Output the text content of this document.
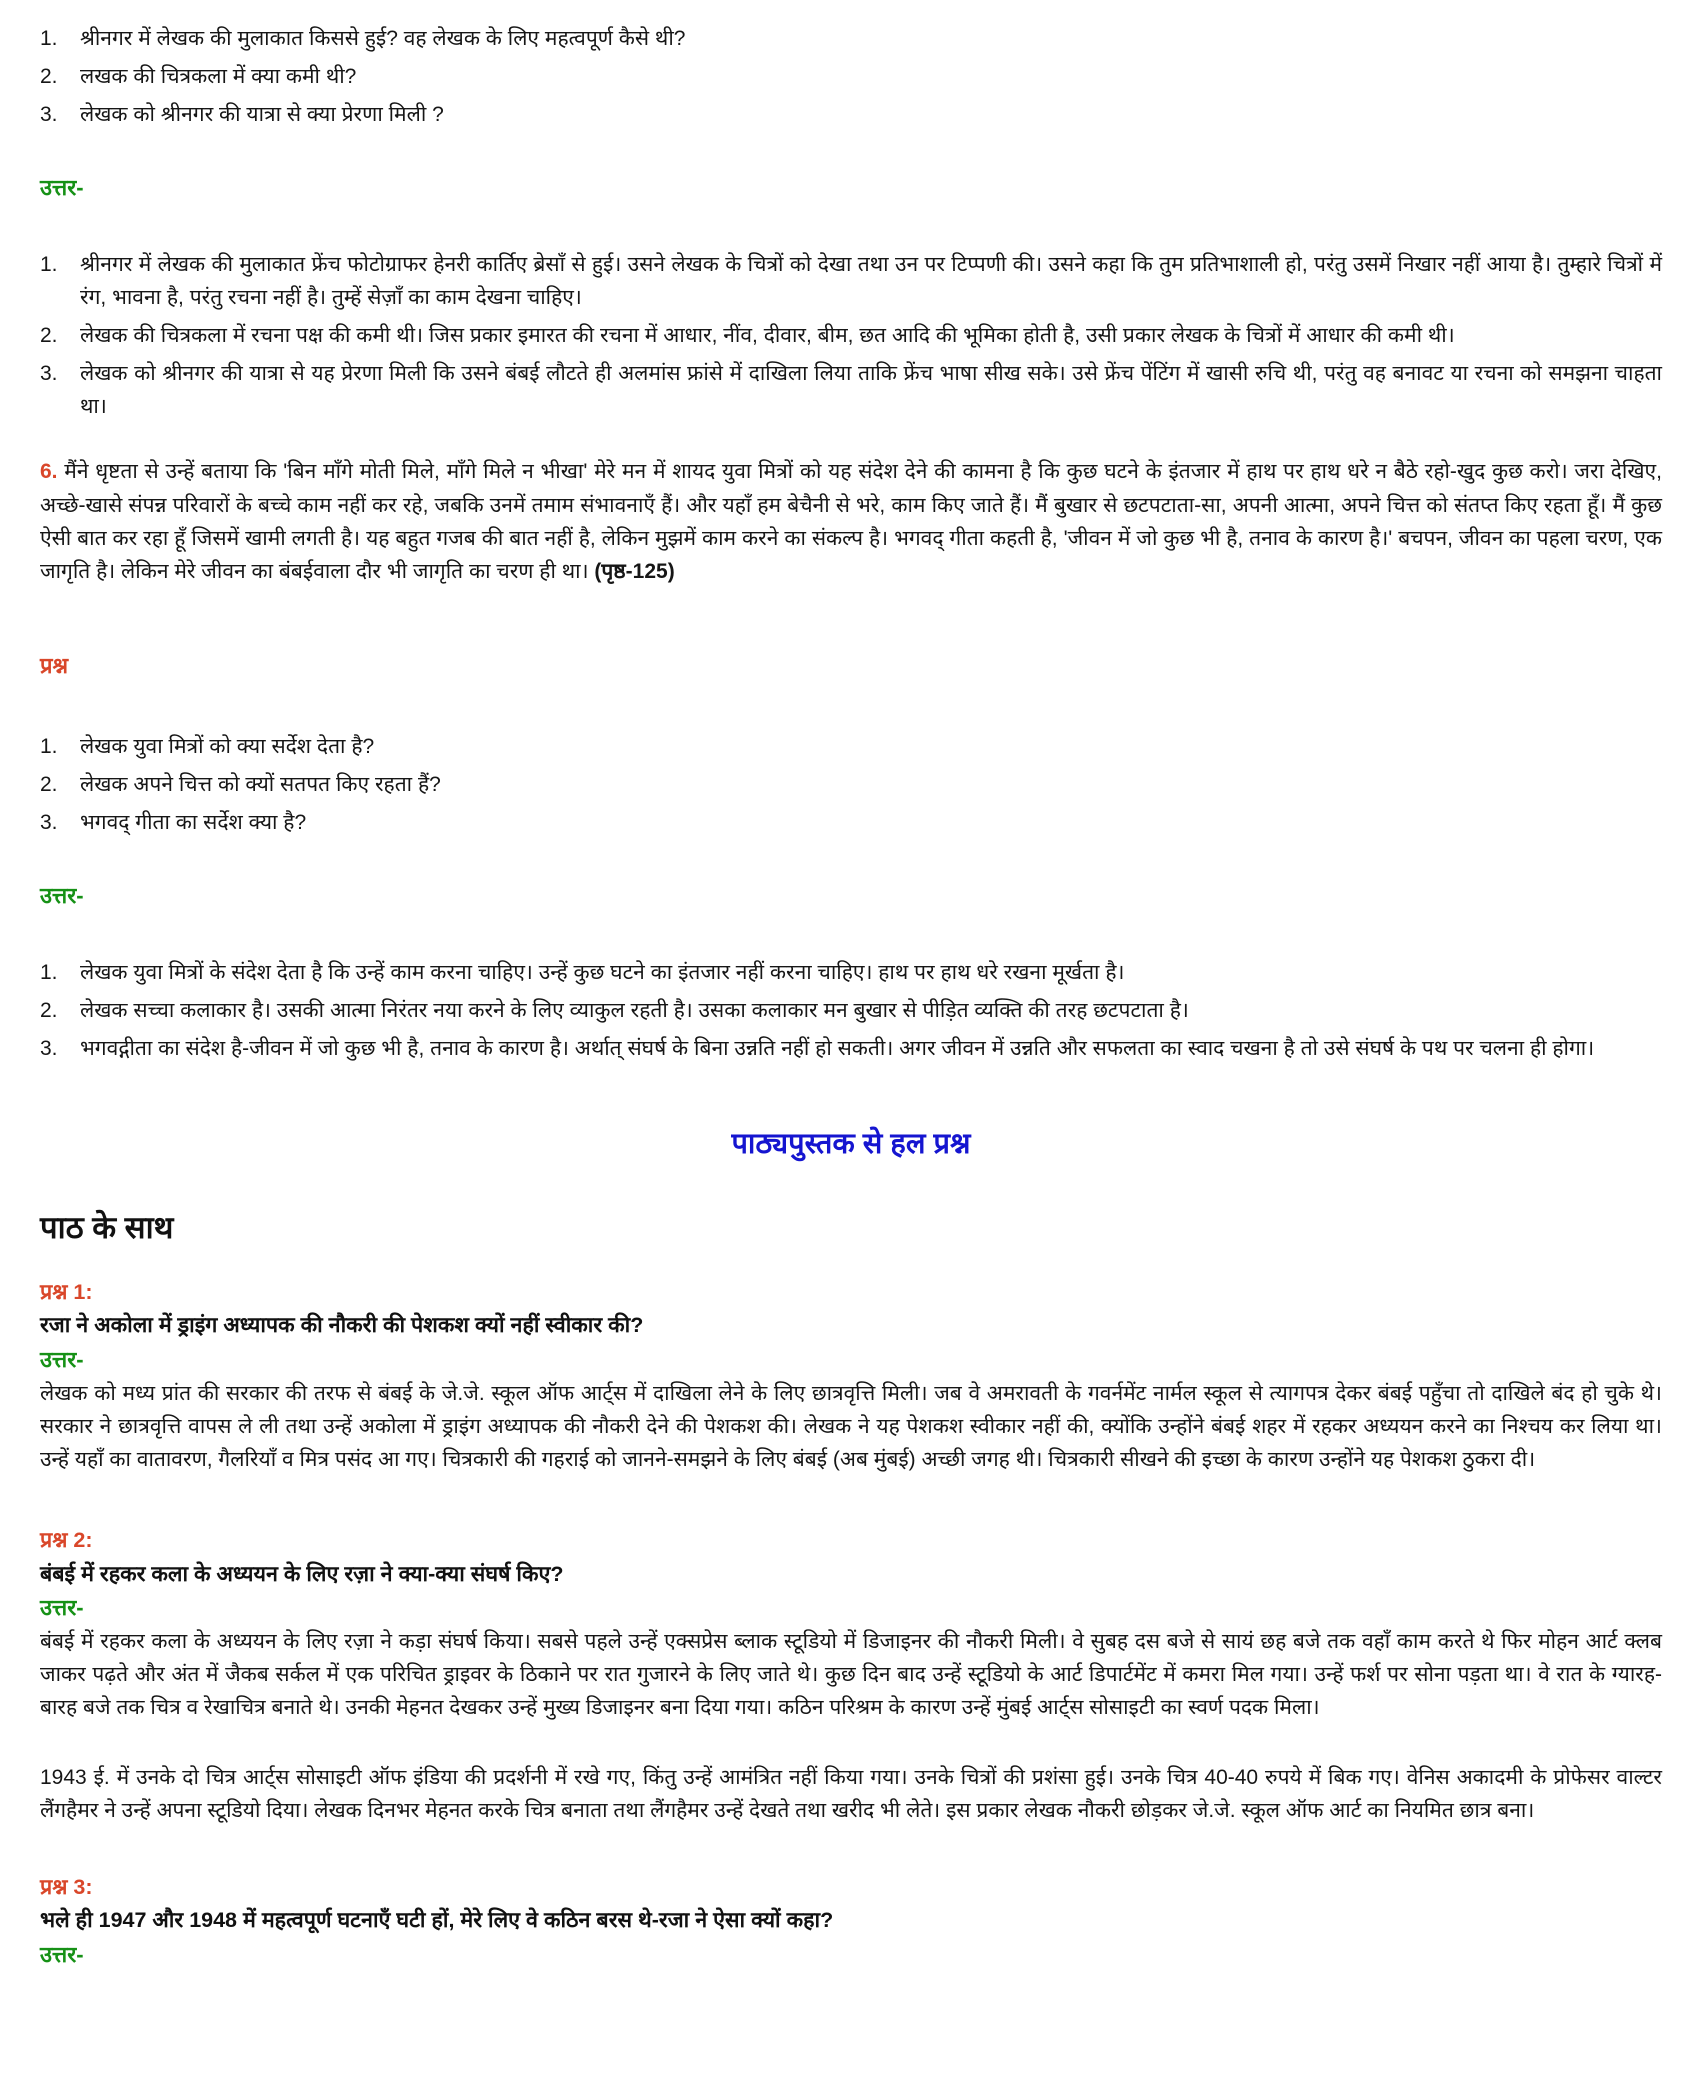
1.	श्रीनगर में लेखक की मुलाकात किससे हुई? वह लेखक के लिए महत्वपूर्ण कैसे थी?
2.	लखक की चित्रकला में क्या कमी थी?
3.	लेखक को श्रीनगर की यात्रा से क्या प्रेरणा मिली ?
उत्तर-
1.	श्रीनगर में लेखक की मुलाकात फ्रेंच फोटोग्राफर हेनरी कार्तिए ब्रेसाँ से हुई। उसने लेखक के चित्रों को देखा तथा उन पर टिप्पणी की। उसने कहा कि तुम प्रतिभाशाली हो, परंतु उसमें निखार नहीं आया है। तुम्हारे चित्रों में रंग, भावना है, परंतु रचना नहीं है। तुम्हें सेज़ाँ का काम देखना चाहिए।
2.	लेखक की चित्रकला में रचना पक्ष की कमी थी। जिस प्रकार इमारत की रचना में आधार, नींव, दीवार, बीम, छत आदि की भूमिका होती है, उसी प्रकार लेखक के चित्रों में आधार की कमी थी।
3.	लेखक को श्रीनगर की यात्रा से यह प्रेरणा मिली कि उसने बंबई लौटते ही अलमांस फ्रांसे में दाखिला लिया ताकि फ्रेंच भाषा सीख सके। उसे फ्रेंच पेंटिंग में खासी रुचि थी, परंतु वह बनावट या रचना को समझना चाहता था।

6. मैंने धृष्टता से उन्हें बताया कि 'बिन माँगे मोती मिले, माँगे मिले न भीखा' मेरे मन में शायद युवा मित्रों को यह संदेश देने की कामना है कि कुछ घटने के इंतजार में हाथ पर हाथ धरे न बैठे रहो-खुद कुछ करो। जरा देखिए, अच्छे-खासे संपन्न परिवारों के बच्चे काम नहीं कर रहे, जबकि उनमें तमाम संभावनाएँ हैं। और यहाँ हम बेचैनी से भरे, काम किए जाते हैं। मैं बुखार से छटपटाता-सा, अपनी आत्मा, अपने चित्त को संतप्त किए रहता हूँ। मैं कुछ ऐसी बात कर रहा हूँ जिसमें खामी लगती है। यह बहुत गजब की बात नहीं है, लेकिन मुझमें काम करने का संकल्प है। भगवद् गीता कहती है, 'जीवन में जो कुछ भी है, तनाव के कारण है।' बचपन, जीवन का पहला चरण, एक जागृति है। लेकिन मेरे जीवन का बंबईवाला दौर भी जागृति का चरण ही था। (पृष्ठ-125)

प्रश्न
1.	लेखक युवा मित्रों को क्या सर्देश देता है?
2.	लेखक अपने चित्त को क्यों सतपत किए रहता हैं?
3.	भगवद् गीता का सर्देश क्या है?
उत्तर-
1.	लेखक युवा मित्रों के संदेश देता है कि उन्हें काम करना चाहिए। उन्हें कुछ घटने का इंतजार नहीं करना चाहिए। हाथ पर हाथ धरे रखना मूर्खता है।
2.	लेखक सच्चा कलाकार है। उसकी आत्मा निरंतर नया करने के लिए व्याकुल रहती है। उसका कलाकार मन बुखार से पीड़ित व्यक्ति की तरह छटपटाता है।
3.	भगवद्गीता का संदेश है-जीवन में जो कुछ भी है, तनाव के कारण है। अर्थात् संघर्ष के बिना उन्नति नहीं हो सकती। अगर जीवन में उन्नति और सफलता का स्वाद चखना है तो उसे संघर्ष के पथ पर चलना ही होगा।
पाठ्यपुस्तक से हल प्रश्न
पाठ के साथ
प्रश्न 1:
रजा ने अकोला में ड्राइंग अध्यापक की नौकरी की पेशकश क्यों नहीं स्वीकार की?
उत्तर-

लेखक को मध्य प्रांत की सरकार की तरफ से बंबई के जे.जे. स्कूल ऑफ आर्ट्स में दाखिला लेने के लिए छात्रवृत्ति मिली। जब वे अमरावती के गवर्नमेंट नार्मल स्कूल से त्यागपत्र देकर बंबई पहुँचा तो दाखिले बंद हो चुके थे। सरकार ने छात्रवृत्ति वापस ले ली तथा उन्हें अकोला में ड्राइंग अध्यापक की नौकरी देने की पेशकश की। लेखक ने यह पेशकश स्वीकार नहीं की, क्योंकि उन्होंने बंबई शहर में रहकर अध्ययन करने का निश्चय कर लिया था। उन्हें यहाँ का वातावरण, गैलरियाँ व मित्र पसंद आ गए। चित्रकारी की गहराई को जानने-समझने के लिए बंबई (अब मुंबई) अच्छी जगह थी। चित्रकारी सीखने की इच्छा के कारण उन्होंने यह पेशकश ठुकरा दी।

प्रश्न 2:
बंबई में रहकर कला के अध्ययन के लिए रज़ा ने क्या-क्या संघर्ष किए?
उत्तर-

बंबई में रहकर कला के अध्ययन के लिए रज़ा ने कड़ा संघर्ष किया। सबसे पहले उन्हें एक्सप्रेस ब्लाक स्टूडियो में डिजाइनर की नौकरी मिली। वे सुबह दस बजे से सायं छह बजे तक वहाँ काम करते थे फिर मोहन आर्ट क्लब जाकर पढ़ते और अंत में जैकब सर्कल में एक परिचित ड्राइवर के ठिकाने पर रात गुजारने के लिए जाते थे। कुछ दिन बाद उन्हें स्टूडियो के आर्ट डिपार्टमेंट में कमरा मिल गया। उन्हें फर्श पर सोना पड़ता था। वे रात के ग्यारह-बारह बजे तक चित्र व रेखाचित्र बनाते थे। उनकी मेहनत देखकर उन्हें मुख्य डिजाइनर बना दिया गया। कठिन परिश्रम के कारण उन्हें मुंबई आर्ट्स सोसाइटी का स्वर्ण पदक मिला।

1943 ई. में उनके दो चित्र आर्ट्स सोसाइटी ऑफ इंडिया की प्रदर्शनी में रखे गए, किंतु उन्हें आमंत्रित नहीं किया गया। उनके चित्रों की प्रशंसा हुई। उनके चित्र 40-40 रुपये में बिक गए। वेनिस अकादमी के प्रोफेसर वाल्टर लैंगहैमर ने उन्हें अपना स्टूडियो दिया। लेखक दिनभर मेहनत करके चित्र बनाता तथा लैंगहैमर उन्हें देखते तथा खरीद भी लेते। इस प्रकार लेखक नौकरी छोड़कर जे.जे. स्कूल ऑफ आर्ट का नियमित छात्र बना।

प्रश्न 3:
भले ही 1947 और 1948 में महत्वपूर्ण घटनाएँ घटी हों, मेरे लिए वे कठिन बरस थे-रजा ने ऐसा क्यों कहा?
उत्तर-
